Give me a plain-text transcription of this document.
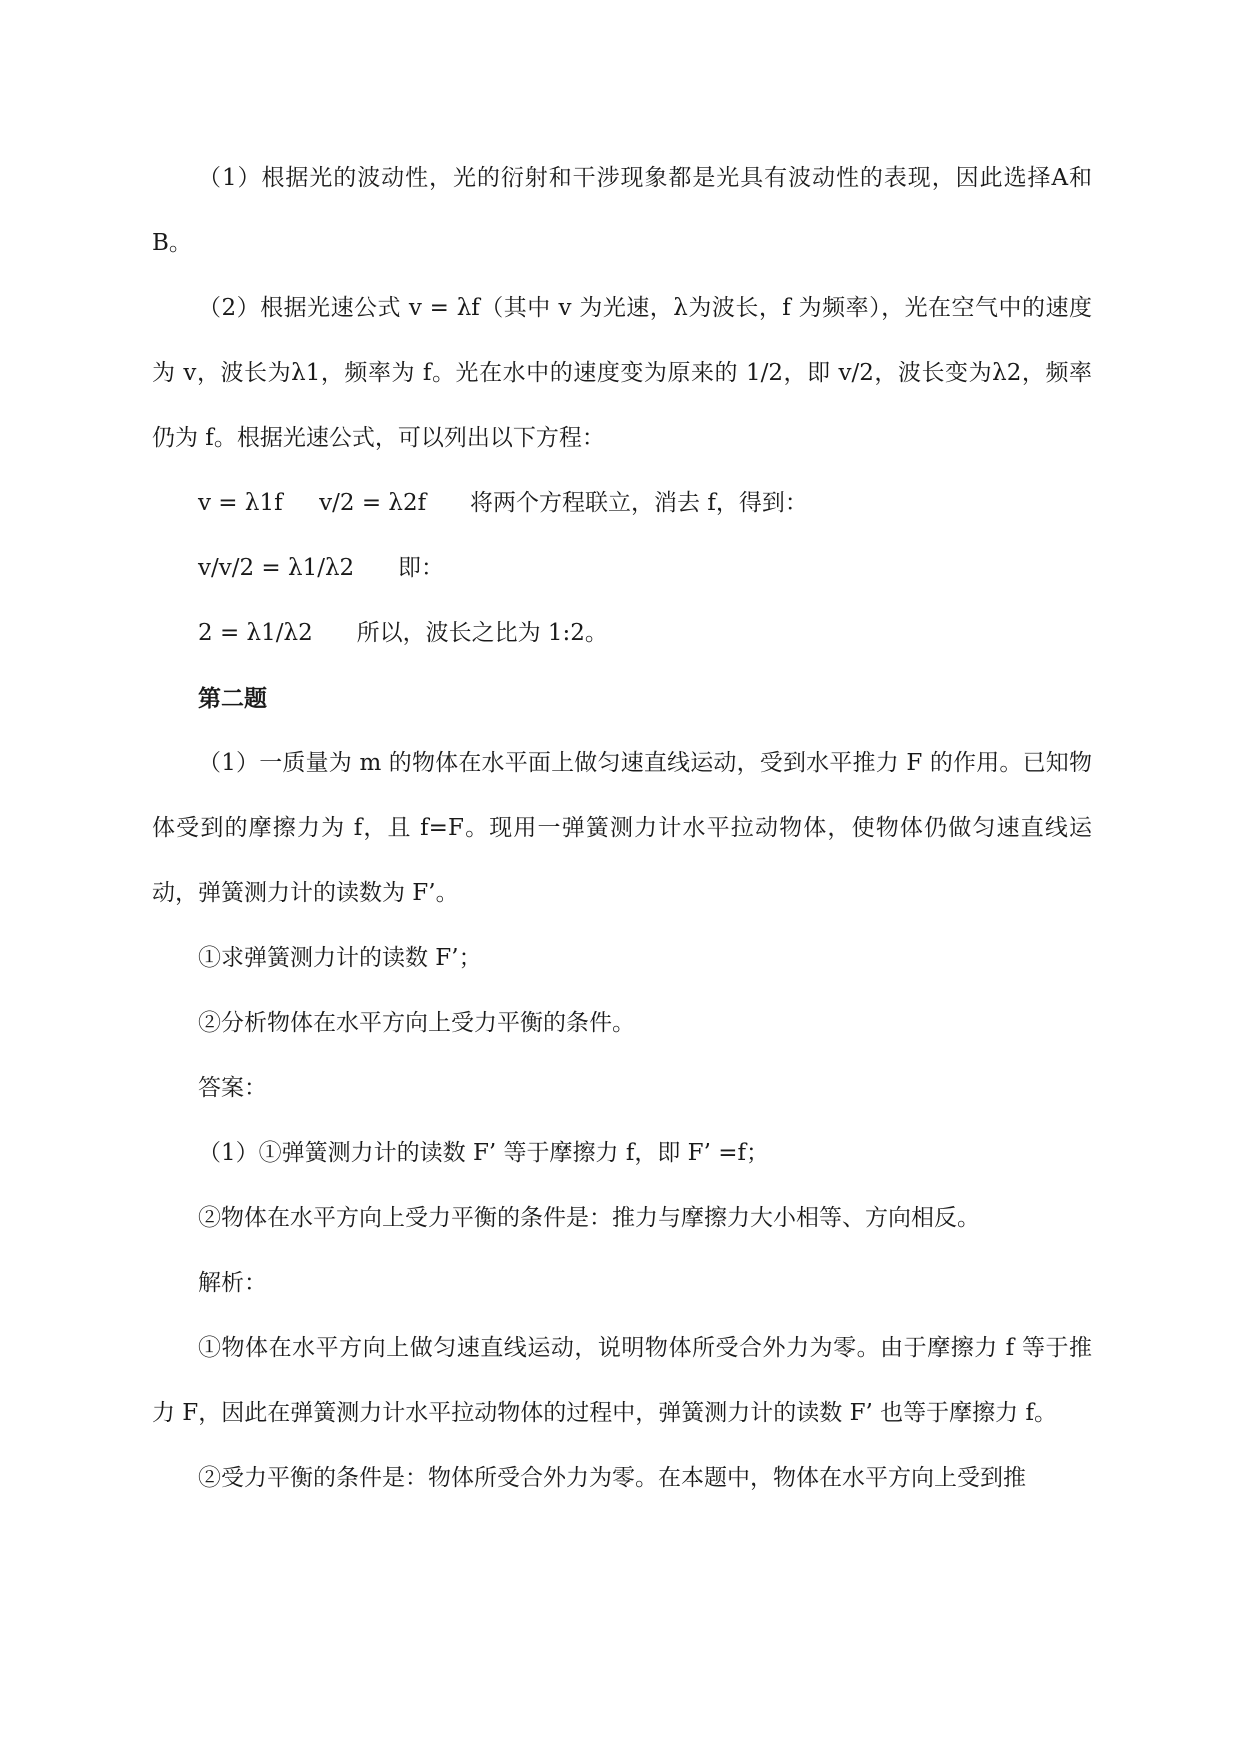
（1）根据光的波动性，光的衍射和干涉现象都是光具有波动性的表现，因此选择A和B。

（2）根据光速公式 v = λf（其中 v 为光速，λ为波长，f 为频率），光在空气中的速度为 v，波长为λ1，频率为 f。光在水中的速度变为原来的 1/2，即 v/2，波长变为λ2，频率仍为 f。根据光速公式，可以列出以下方程：

v = λ1f     v/2 = λ2f      将两个方程联立，消去 f，得到：

v/v/2 = λ1/λ2      即：

2 = λ1/λ2      所以，波长之比为 1:2。

第二题

（1）一质量为 m 的物体在水平面上做匀速直线运动，受到水平推力 F 的作用。已知物体受到的摩擦力为 f，且 f=F。现用一弹簧测力计水平拉动物体，使物体仍做匀速直线运动，弹簧测力计的读数为 F’。

①求弹簧测力计的读数 F’；

②分析物体在水平方向上受力平衡的条件。

答案：

（1）①弹簧测力计的读数 F’ 等于摩擦力 f，即 F’ =f；

②物体在水平方向上受力平衡的条件是：推力与摩擦力大小相等、方向相反。

解析：

①物体在水平方向上做匀速直线运动，说明物体所受合外力为零。由于摩擦力 f 等于推力 F，因此在弹簧测力计水平拉动物体的过程中，弹簧测力计的读数 F’ 也等于摩擦力 f。

②受力平衡的条件是：物体所受合外力为零。在本题中，物体在水平方向上受到推
